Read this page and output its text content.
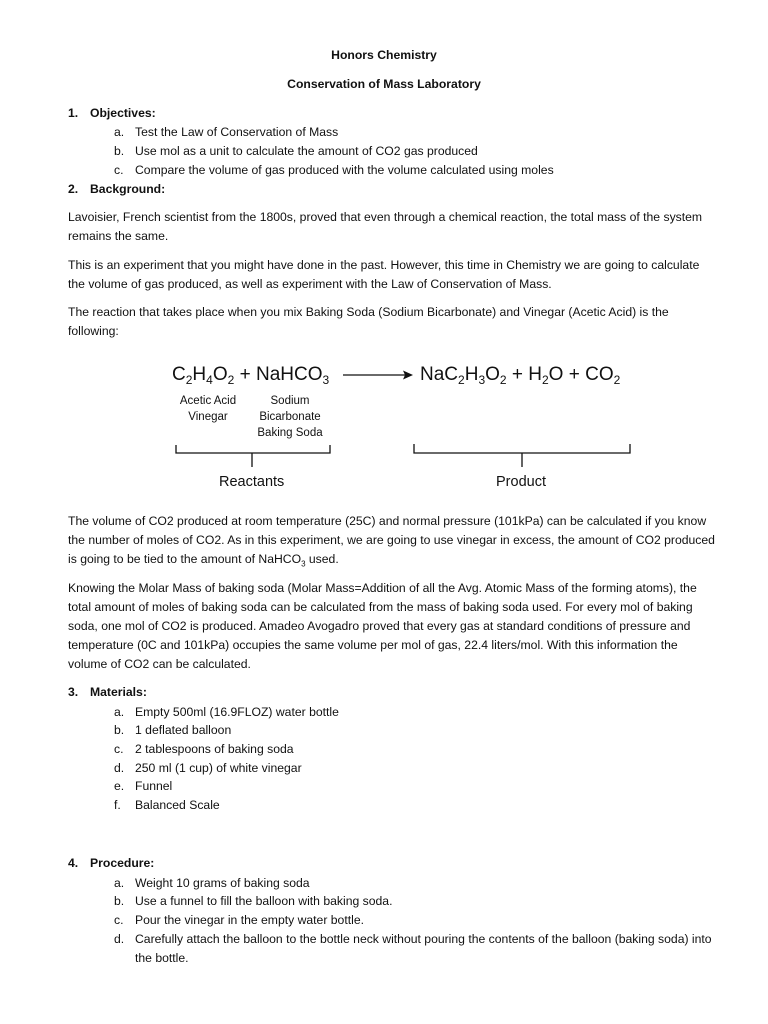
Honors Chemistry
Conservation of Mass Laboratory
1. Objectives:
a. Test the Law of Conservation of Mass
b. Use mol as a unit to calculate the amount of CO2 gas produced
c. Compare the volume of gas produced with the volume calculated using moles
2. Background:
Lavoisier, French scientist from the 1800s, proved that even through a chemical reaction, the total mass of the system remains the same.
This is an experiment that you might have done in the past. However, this time in Chemistry we are going to calculate the volume of gas produced, as well as experiment with the Law of Conservation of Mass.
The reaction that takes place when you mix Baking Soda (Sodium Bicarbonate) and Vinegar (Acetic Acid) is the following:
$C_2H_4O_2$ + NaHCO$_3$	$NaC_2H_3O_2 + H_2O + CO_2$
Acetic Acid
Vinegar
Sodium
Bicarbonate
Baking Soda
Reactants	Product
The volume of CO2 produced at room temperature (25C) and normal pressure (101kPa) can be calculated if you know the number of moles of CO2. As in this experiment, we are going to use vinegar in excess, the amount of CO2 produced is going to be tied to the amount of NaHCO$_3$ used.
Knowing the Molar Mass of baking soda (Molar Mass=Addition of all the Avg. Atomic Mass of the forming atoms), the total amount of moles of baking soda can be calculated from the mass of baking soda used. For every mol of baking soda, one mol of CO2 is produced. Amadeo Avogadro proved that every gas at standard conditions of pressure and temperature (0C and 101kPa) occupies the same volume per mol of gas, 22.4 liters/mol. With this information the volume of CO2 can be calculated.
3. Materials:
a. Empty 500ml (16.9FLOZ) water bottle
b. 1 deflated balloon
c. 2 tablespoons of baking soda
d. 250 ml (1 cup) of white vinegar
e. Funnel
f. Balanced Scale
4. Procedure:
a. Weight 10 grams of baking soda
b. Use a funnel to fill the balloon with baking soda.
c. Pour the vinegar in the empty water bottle.
d. Carefully attach the balloon to the bottle neck without pouring the contents of the balloon (baking soda) into the bottle.
